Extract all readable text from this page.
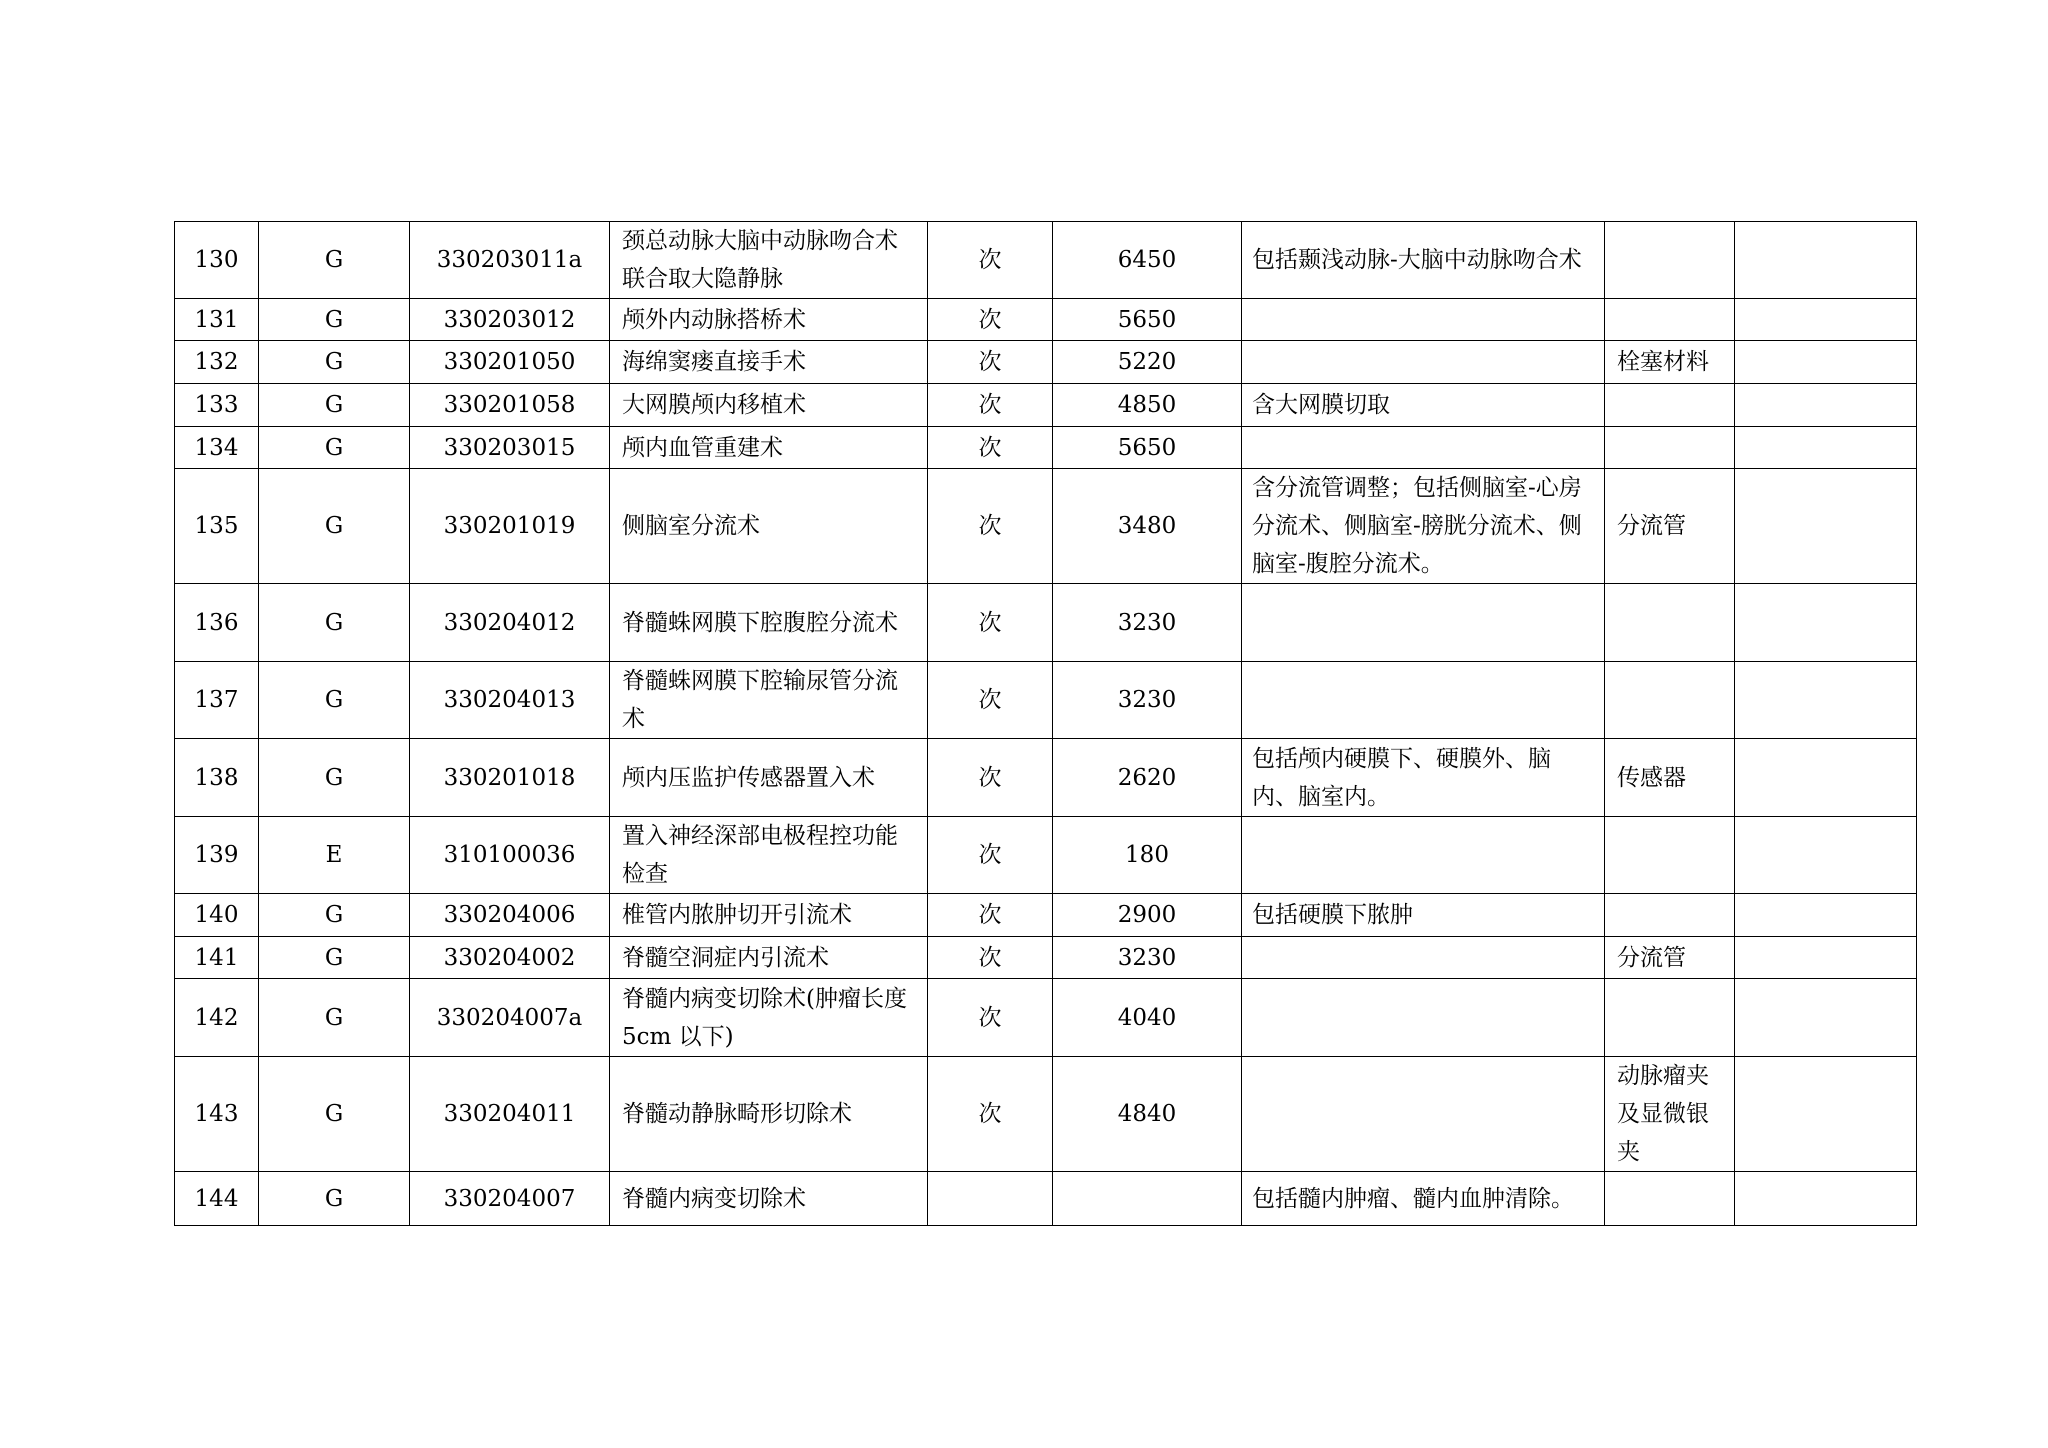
130	G	330203011a	颈总动脉大脑中动脉吻合术联合取大隐静脉	次	6450	包括颞浅动脉-大脑中动脉吻合术		
131	G	330203012	颅外内动脉搭桥术	次	5650			
132	G	330201050	海绵窦瘘直接手术	次	5220		栓塞材料	
133	G	330201058	大网膜颅内移植术	次	4850	含大网膜切取		
134	G	330203015	颅内血管重建术	次	5650			
135	G	330201019	侧脑室分流术	次	3480	含分流管调整；包括侧脑室-心房分流术、侧脑室-膀胱分流术、侧脑室-腹腔分流术。	分流管	
136	G	330204012	脊髓蛛网膜下腔腹腔分流术	次	3230			
137	G	330204013	脊髓蛛网膜下腔输尿管分流术	次	3230			
138	G	330201018	颅内压监护传感器置入术	次	2620	包括颅内硬膜下、硬膜外、脑内、脑室内。	传感器	
139	E	310100036	置入神经深部电极程控功能检查	次	180			
140	G	330204006	椎管内脓肿切开引流术	次	2900	包括硬膜下脓肿		
141	G	330204002	脊髓空洞症内引流术	次	3230		分流管	
142	G	330204007a	脊髓内病变切除术(肿瘤长度 5cm 以下)	次	4040			
143	G	330204011	脊髓动静脉畸形切除术	次	4840		动脉瘤夹及显微银夹	
144	G	330204007	脊髓内病变切除术			包括髓内肿瘤、髓内血肿清除。		
